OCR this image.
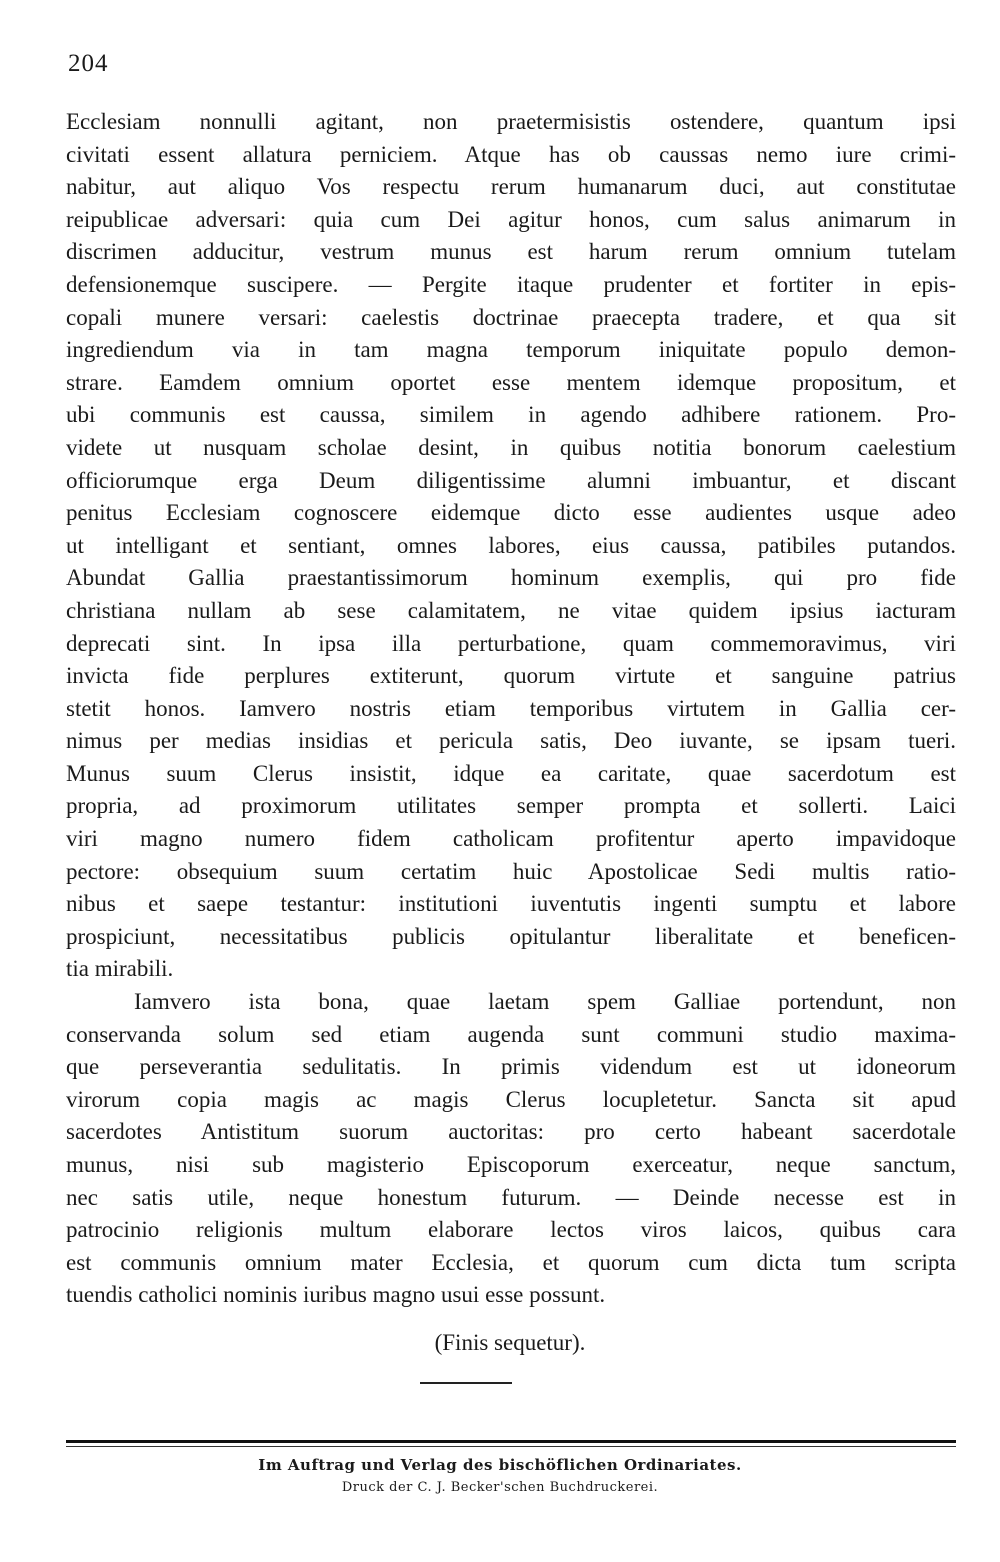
204
Ecclesiam nonnulli agitant, non praetermisistis ostendere, quantum ipsi
civitati essent allatura perniciem. Atque has ob caussas nemo iure crimi-
nabitur, aut aliquo Vos respectu rerum humanarum duci, aut constitutae
reipublicae adversari: quia cum Dei agitur honos, cum salus animarum in
discrimen adducitur, vestrum munus est harum rerum omnium tutelam
defensionemque suscipere. — Pergite itaque prudenter et fortiter in epis-
copali munere versari: caelestis doctrinae praecepta tradere, et qua sit
ingrediendum via in tam magna temporum iniquitate populo demon-
strare. Eamdem omnium oportet esse mentem idemque propositum, et
ubi communis est caussa, similem in agendo adhibere rationem. Pro-
videte ut nusquam scholae desint, in quibus notitia bonorum caelestium
officiorumque erga Deum diligentissime alumni imbuantur, et discant
penitus Ecclesiam cognoscere eidemque dicto esse audientes usque adeo
ut intelligant et sentiant, omnes labores, eius caussa, patibiles putandos.
Abundat Gallia praestantissimorum hominum exemplis, qui pro fide
christiana nullam ab sese calamitatem, ne vitae quidem ipsius iacturam
deprecati sint. In ipsa illa perturbatione, quam commemoravimus, viri
invicta fide perplures extiterunt, quorum virtute et sanguine patrius
stetit honos. Iamvero nostris etiam temporibus virtutem in Gallia cer-
nimus per medias insidias et pericula satis, Deo iuvante, se ipsam tueri.
Munus suum Clerus insistit, idque ea caritate, quae sacerdotum est
propria, ad proximorum utilitates semper prompta et sollerti. Laici
viri magno numero fidem catholicam profitentur aperto impavidoque
pectore: obsequium suum certatim huic Apostolicae Sedi multis ratio-
nibus et saepe testantur: institutioni iuventutis ingenti sumptu et labore
prospiciunt, necessitatibus publicis opitulantur liberalitate et beneficen-
tia mirabili.
Iamvero ista bona, quae laetam spem Galliae portendunt, non
conservanda solum sed etiam augenda sunt communi studio maxima-
que perseverantia sedulitatis. In primis videndum est ut idoneorum
virorum copia magis ac magis Clerus locupletetur. Sancta sit apud
sacerdotes Antistitum suorum auctoritas: pro certo habeant sacerdotale
munus, nisi sub magisterio Episcoporum exerceatur, neque sanctum,
nec satis utile, neque honestum futurum. — Deinde necesse est in
patrocinio religionis multum elaborare lectos viros laicos, quibus cara
est communis omnium mater Ecclesia, et quorum cum dicta tum scripta
tuendis catholici nominis iuribus magno usui esse possunt.
(Finis sequetur).
Im Auftrag und Verlag des bischöflichen Ordinariates.
Druck der C. J. Becker'schen Buchdruckerei.
